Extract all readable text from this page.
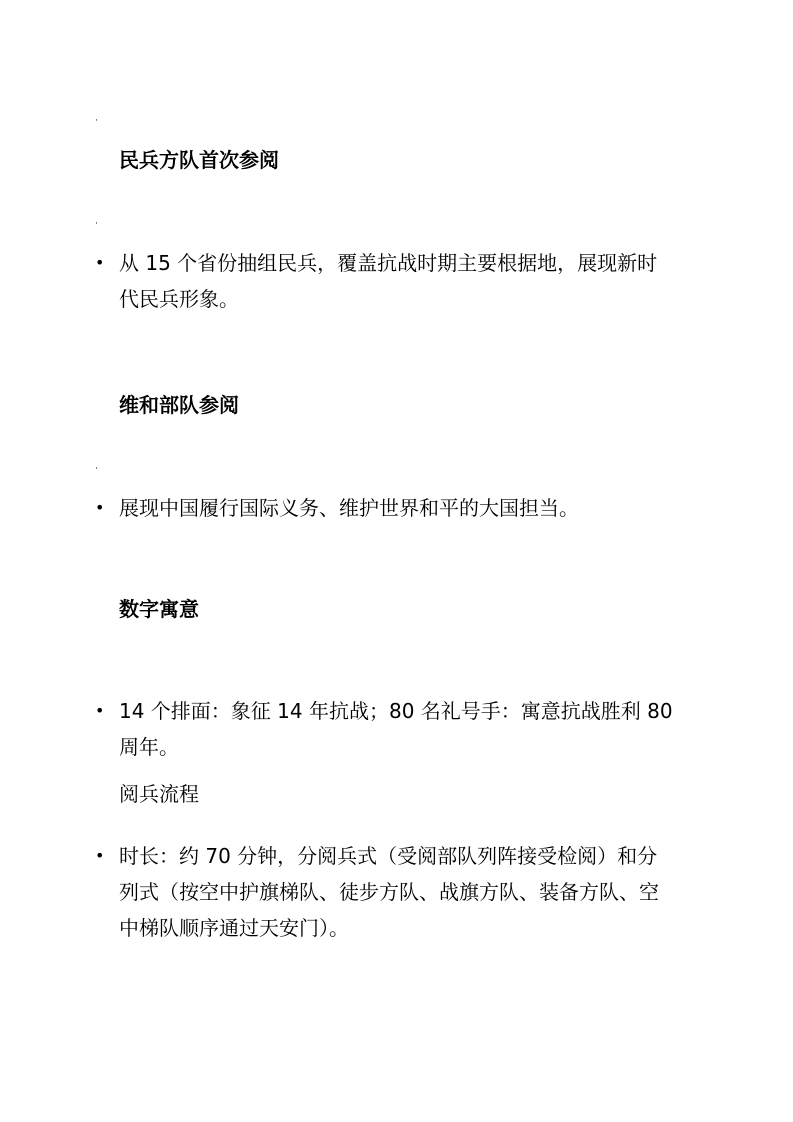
·
民兵方队首次参阅
·
• 从 15 个省份抽组民兵，覆盖抗战时期主要根据地，展现新时代民兵形象。
维和部队参阅
·
• 展现中国履行国际义务、维护世界和平的大国担当。
数字寓意
• 14 个排面：象征 14 年抗战；80 名礼号手：寓意抗战胜利 80 周年。
阅兵流程
• 时长：约 70 分钟，分阅兵式（受阅部队列阵接受检阅）和分列式（按空中护旗梯队、徒步方队、战旗方队、装备方队、空中梯队顺序通过天安门）。
